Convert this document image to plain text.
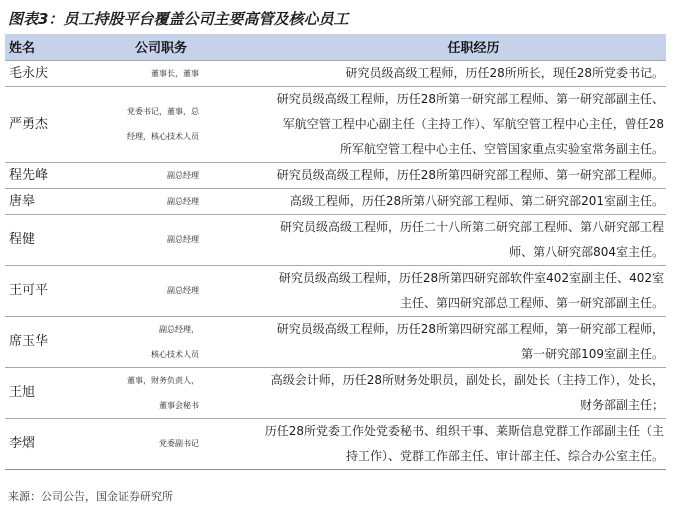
图表3：员工持股平台覆盖公司主要高管及核心员工
姓名	公司职务	任职经历
毛永庆	董事长，董事	研究员级高级工程师，历任28所所长，现任28所党委书记。

严勇杰	党委书记，董事，总
经理，核心技术人员	研究员级高级工程师，历任28所第一研究部工程师、第一研究部副主任、
军航空管工程中心副主任（主持工作）、军航空管工程中心主任，曾任28
所军航空管工程中心主任、空管国家重点实验室常务副主任。

程先峰	副总经理	研究员级高级工程师，历任28所第四研究部工程师、第一研究部工程师。

唐皋	副总经理	高级工程师，历任28所第八研究部工程师、第二研究部201室副主任。

程健	副总经理	研究员级高级工程师，历任二十八所第二研究部工程师、第八研究部工程
师、第八研究部804室主任。

王可平	副总经理	研究员级高级工程师，历任28所第四研究部软件室402室副主任、402室
主任、第四研究部总工程师、第一研究部副主任。

席玉华	副总经理，
核心技术人员	研究员级高级工程师，历任28所第四研究部工程师，第一研究部工程师，
第一研究部109室副主任。

王旭	董事，财务负责人，
董事会秘书	高级会计师，历任28所财务处职员，副处长，副处长（主持工作），处长，
财务部副主任；

李熠	党委副书记	历任28所党委工作处党委秘书、组织干事、莱斯信息党群工作部副主任（主
持工作）、党群工作部主任、审计部主任、综合办公室主任。
来源：公司公告，国金证券研究所
